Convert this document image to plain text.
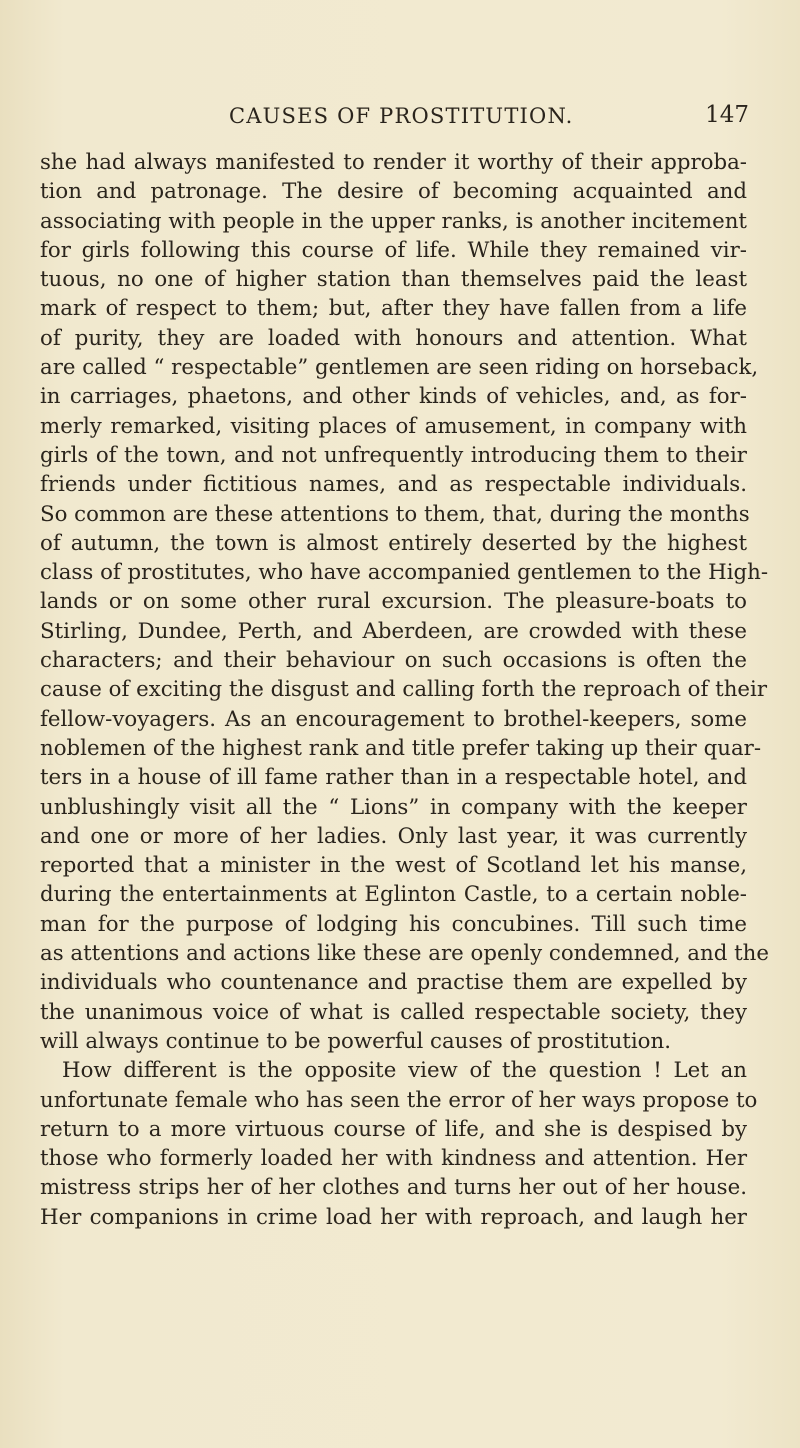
CAUSES OF PROSTITUTION.	147
she had always manifested to render it worthy of their approba-
tion and patronage. The desire of becoming acquainted and
associating with people in the upper ranks, is another incitement
for girls following this course of life. While they remained vir-
tuous, no one of higher station than themselves paid the least
mark of respect to them; but, after they have fallen from a life
of purity, they are loaded with honours and attention. What
are called “ respectable” gentlemen are seen riding on horseback,
in carriages, phaetons, and other kinds of vehicles, and, as for-
merly remarked, visiting places of amusement, in company with
girls of the town, and not unfrequently introducing them to their
friends under fictitious names, and as respectable individuals.
So common are these attentions to them, that, during the months
of autumn, the town is almost entirely deserted by the highest
class of prostitutes, who have accompanied gentlemen to the High-
lands or on some other rural excursion. The pleasure-boats to
Stirling, Dundee, Perth, and Aberdeen, are crowded with these
characters; and their behaviour on such occasions is often the
cause of exciting the disgust and calling forth the reproach of their
fellow-voyagers. As an encouragement to brothel-keepers, some
noblemen of the highest rank and title prefer taking up their quar-
ters in a house of ill fame rather than in a respectable hotel, and
unblushingly visit all the “ Lions” in company with the keeper
and one or more of her ladies. Only last year, it was currently
reported that a minister in the west of Scotland let his manse,
during the entertainments at Eglinton Castle, to a certain noble-
man for the purpose of lodging his concubines. Till such time
as attentions and actions like these are openly condemned, and the
individuals who countenance and practise them are expelled by
the unanimous voice of what is called respectable society, they
will always continue to be powerful causes of prostitution.
How different is the opposite view of the question ! Let an
unfortunate female who has seen the error of her ways propose to
return to a more virtuous course of life, and she is despised by
those who formerly loaded her with kindness and attention. Her
mistress strips her of her clothes and turns her out of her house.
Her companions in crime load her with reproach, and laugh her
